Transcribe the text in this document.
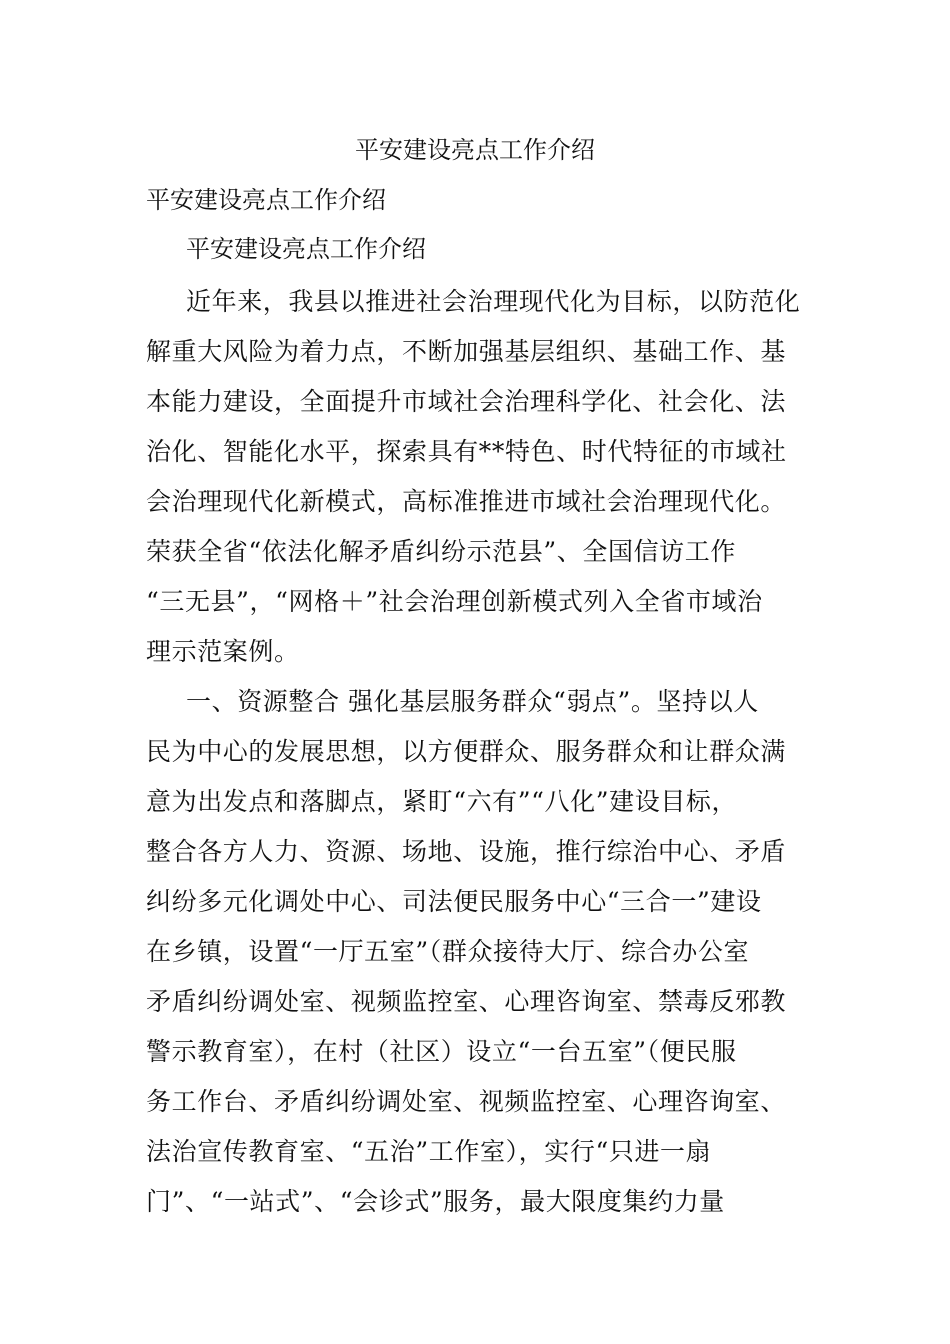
平安建设亮点工作介绍
平安建设亮点工作介绍
平安建设亮点工作介绍
近年来，我县以推进社会治理现代化为目标，以防范化
解重大风险为着力点，不断加强基层组织、基础工作、基
本能力建设，全面提升市域社会治理科学化、社会化、法
治化、智能化水平，探索具有**特色、时代特征的市域社
会治理现代化新模式，高标准推进市域社会治理现代化。
荣获全省“依法化解矛盾纠纷示范县”、全国信访工作
“三无县”，“网格＋”社会治理创新模式列入全省市域治
理示范案例。
一、资源整合 强化基层服务群众“弱点”。坚持以人
民为中心的发展思想，以方便群众、服务群众和让群众满
意为出发点和落脚点，紧盯“六有”“八化”建设目标，
整合各方人力、资源、场地、设施，推行综治中心、矛盾
纠纷多元化调处中心、司法便民服务中心“三合一”建设
在乡镇，设置“一厅五室”（群众接待大厅、综合办公室
矛盾纠纷调处室、视频监控室、心理咨询室、禁毒反邪教
警示教育室），在村（社区）设立“一台五室”（便民服
务工作台、矛盾纠纷调处室、视频监控室、心理咨询室、
法治宣传教育室、“五治”工作室），实行“只进一扇
门”、“一站式”、“会诊式”服务，最大限度集约力量
